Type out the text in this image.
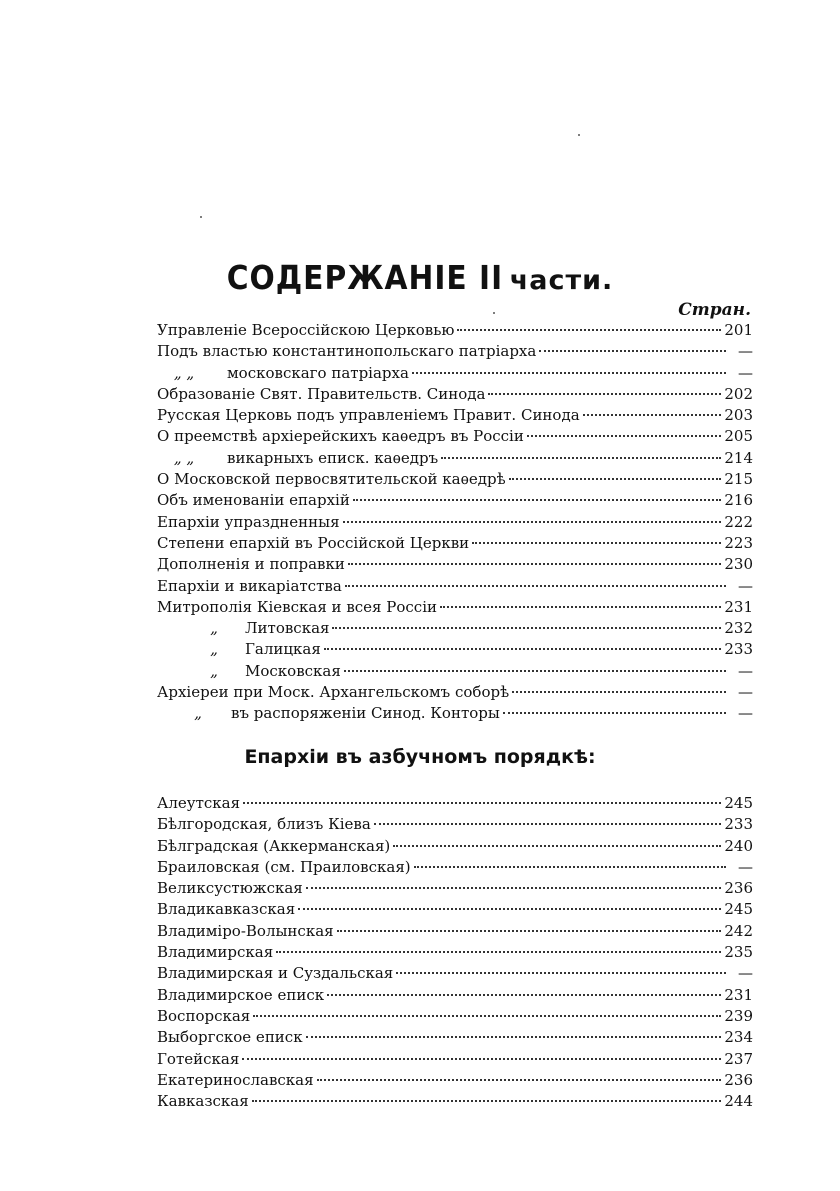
СОДЕРЖАНІЕ II части.
Стран.
Управленіе Всероссійскою Церковью	201
Подъ властью константинопольскаго патріарха	—
„ „ московскаго патріарха	—
Образованіе Свят. Правительств. Синода	202
Русская Церковь подъ управленіемъ Правит. Синода	203
О преемствѣ архіерейскихъ каѳедръ въ Россіи	205
„ „ викарныхъ еписк. каѳедръ	214
О Московской первосвятительской каѳедрѣ	215
Объ именованіи епархій	216
Епархіи упраздненныя	222
Степени епархій въ Россійской Церкви	223
Дополненія и поправки	230
Епархіи и викаріатства	—
Митрополія Кіевская и всея Россіи	231
„ Литовская	232
„ Галицкая	233
„ Московская	—
Архіереи при Моск. Архангельскомъ соборѣ	—
„ въ распоряженіи Синод. Конторы	—
Епархіи въ азбучномъ порядкѣ:
Алеутская	245
Бѣлгородская, близъ Кіева	233
Бѣлградская (Аккерманская)	240
Браиловская (см. Праиловская)	—
Великсустюжская	236
Владикавказская	245
Владиміро-Волынская	242
Владимирская	235
Владимирская и Суздальская	—
Владимирское еписк	231
Воспорская	239
Выборгское еписк	234
Готейская	237
Екатеринославская	236
Кавказская	244
